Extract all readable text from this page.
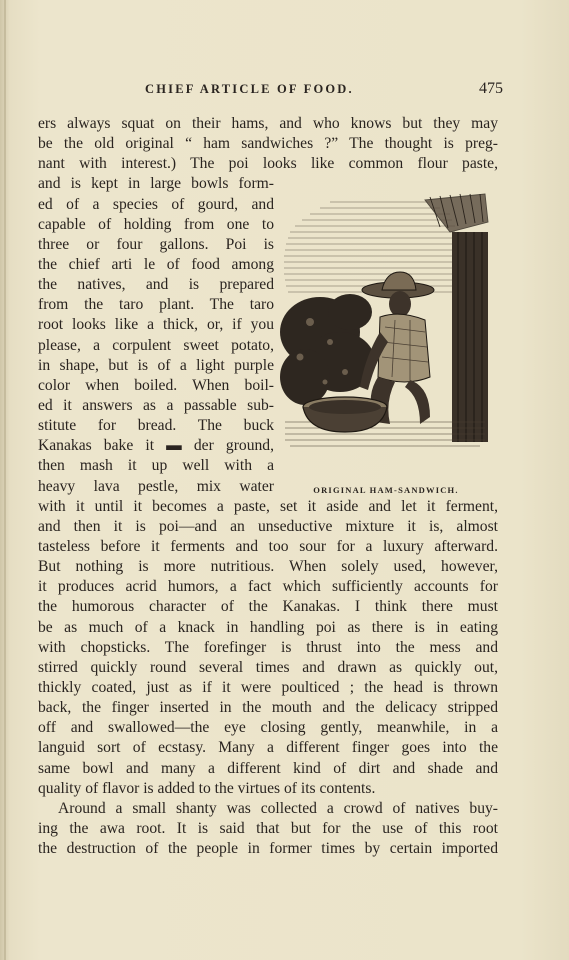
CHIEF ARTICLE OF FOOD.	475
ORIGINAL HAM-SANDWICH.
ers always squat on their hams, and who knows but they may
be the old original “ ham sandwiches ?” The thought is preg-
nant with interest.) The poi looks like common flour paste,
and is kept in large bowls form-
ed of a species of gourd, and
capable of holding from one to
three or four gallons. Poi is
the chief arti le of food among
the natives, and is prepared
from the taro plant. The taro
root looks like a thick, or, if you
please, a corpulent sweet potato,
in shape, but is of a light purple
color when boiled. When boil-
ed it answers as a passable sub-
stitute for bread. The buck
Kanakas bake it ▬ der ground,
then mash it up well with a
heavy lava pestle, mix water
with it until it becomes a paste, set it aside and let it ferment,
and then it is poi—and an unseductive mixture it is, almost
tasteless before it ferments and too sour for a luxury afterward.
But nothing is more nutritious. When solely used, however,
it produces acrid humors, a fact which sufficiently accounts for
the humorous character of the Kanakas. I think there must
be as much of a knack in handling poi as there is in eating
with chopsticks. The forefinger is thrust into the mess and
stirred quickly round several times and drawn as quickly out,
thickly coated, just as if it were poulticed ; the head is thrown
back, the finger inserted in the mouth and the delicacy stripped
off and swallowed—the eye closing gently, meanwhile, in a
languid sort of ecstasy. Many a different finger goes into the
same bowl and many a different kind of dirt and shade and
quality of flavor is added to the virtues of its contents.
Around a small shanty was collected a crowd of natives buy-
ing the awa root. It is said that but for the use of this root
the destruction of the people in former times by certain imported
